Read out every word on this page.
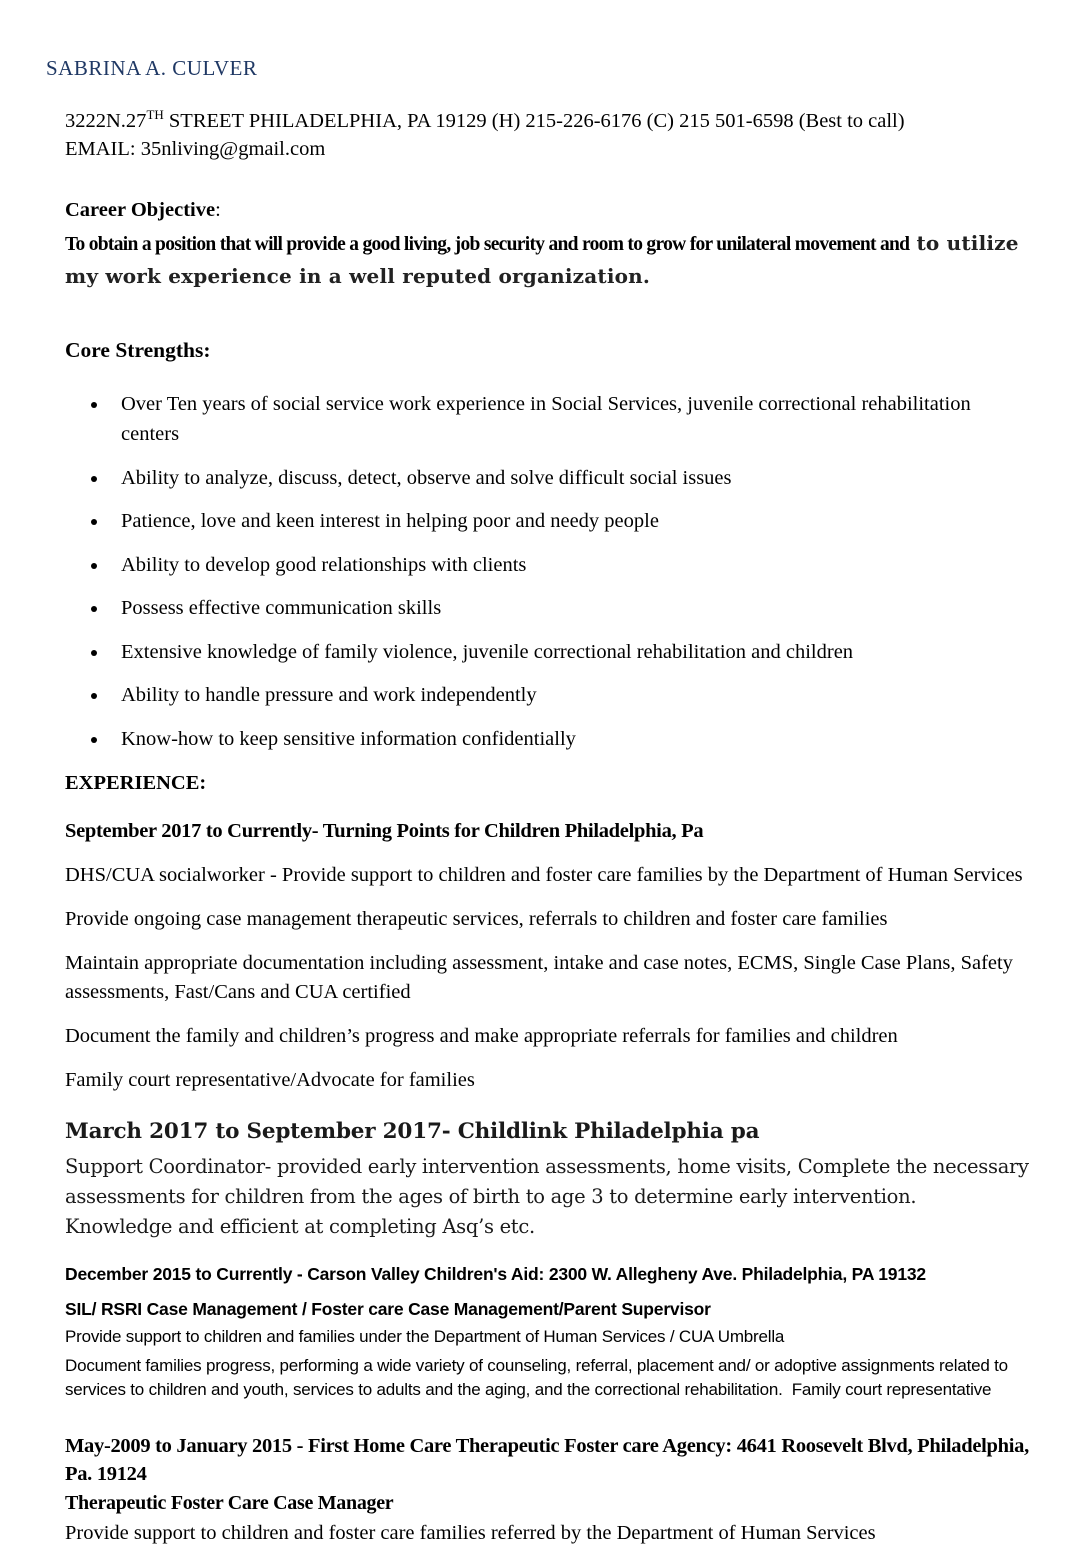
SABRINA A. CULVER

3222N.27TH STREET PHILADELPHIA, PA 19129 (H) 215-226-6176 (C) 215 501-6598 (Best to call)

EMAIL: 35nliving@gmail.com

Career Objective:

To obtain a position that will provide a good living, job security and room to grow for unilateral movement and to utilize my work experience in a well reputed organization.

Core Strengths:
• Over Ten years of social service work experience in Social Services, juvenile correctional rehabilitation centers
• Ability to analyze, discuss, detect, observe and solve difficult social issues
• Patience, love and keen interest in helping poor and needy people
• Ability to develop good relationships with clients
• Possess effective communication skills
• Extensive knowledge of family violence, juvenile correctional rehabilitation and children
• Ability to handle pressure and work independently
• Know-how to keep sensitive information confidentially
EXPERIENCE:
September 2017 to Currently- Turning Points for Children Philadelphia, Pa

DHS/CUA socialworker - Provide support to children and foster care families by the Department of Human Services

Provide ongoing case management therapeutic services, referrals to children and foster care families

Maintain appropriate documentation including assessment, intake and case notes, ECMS, Single Case Plans, Safety assessments, Fast/Cans and CUA certified

Document the family and children’s progress and make appropriate referrals for families and children

Family court representative/Advocate for families

March 2017 to September 2017- Childlink Philadelphia pa

Support Coordinator- provided early intervention assessments, home visits, Complete the necessary assessments for children from the ages of birth to age 3 to determine early intervention.  Knowledge and efficient at completing Asq’s etc.

December 2015 to Currently - Carson Valley Children's Aid: 2300 W. Allegheny Ave. Philadelphia, PA 19132
SIL/ RSRI Case Management / Foster care Case Management/Parent Supervisor

Provide support to children and families under the Department of Human Services / CUA Umbrella

Document families progress, performing a wide variety of counseling, referral, placement and/ or adoptive assignments related to services to children and youth, services to adults and the aging, and the correctional rehabilitation.  Family court representative

May-2009 to January 2015 - First Home Care Therapeutic Foster care Agency: 4641 Roosevelt Blvd, Philadelphia, Pa. 19124
Therapeutic Foster Care Case Manager

Provide support to children and foster care families referred by the Department of Human Services
